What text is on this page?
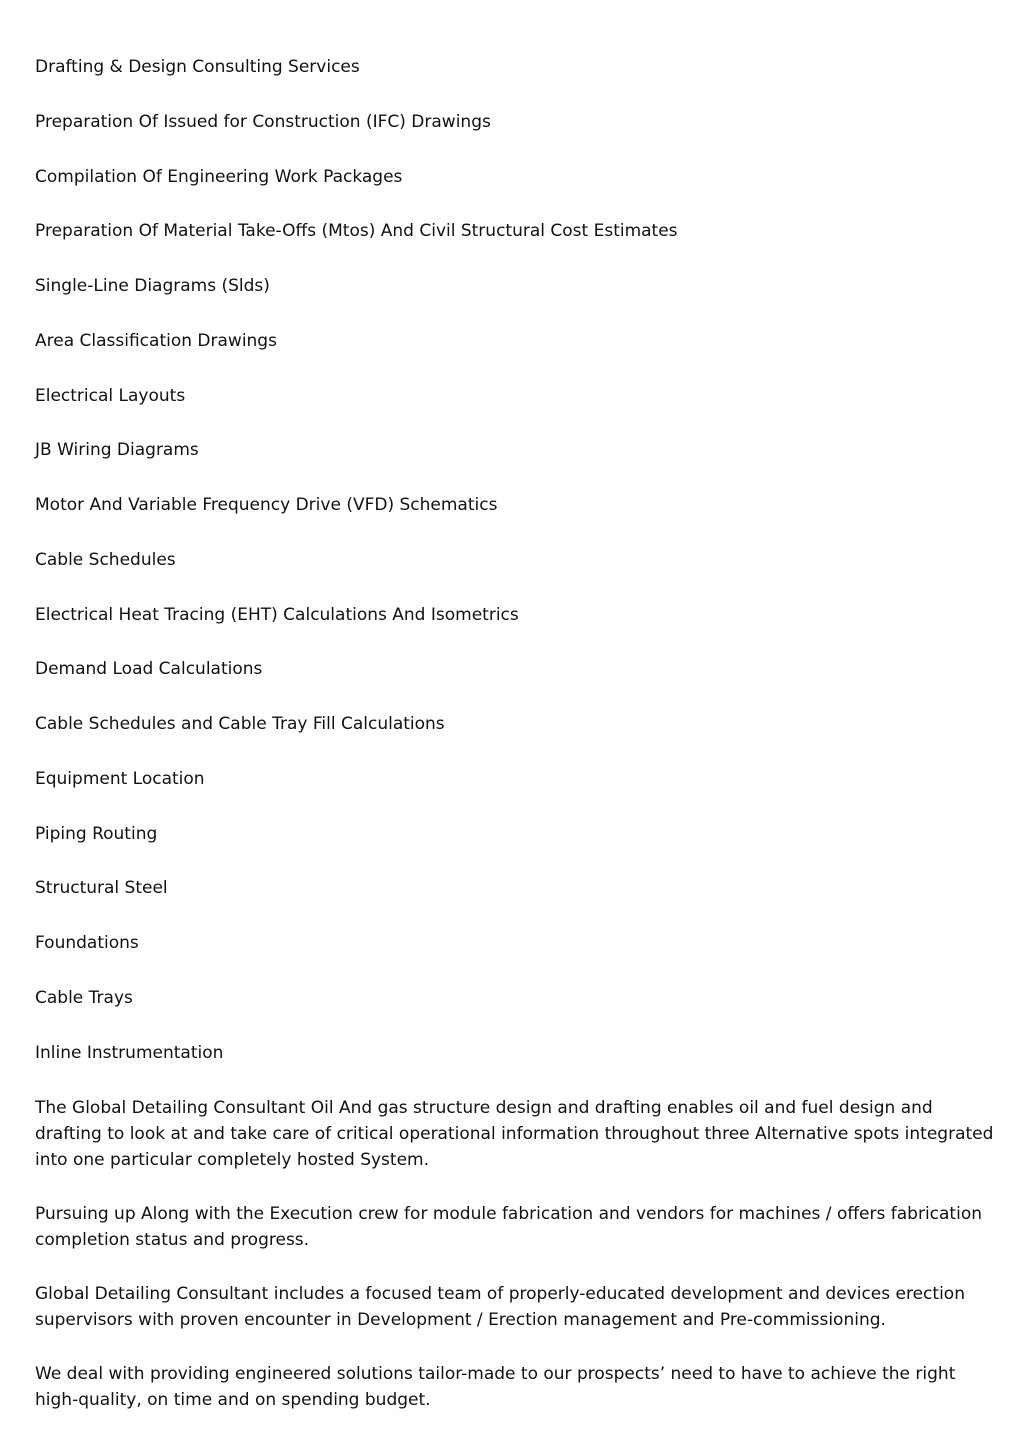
Drafting & Design Consulting Services
Preparation Of Issued for Construction (IFC) Drawings
Compilation Of Engineering Work Packages
Preparation Of Material Take-Offs (Mtos) And Civil Structural Cost Estimates
Single-Line Diagrams (Slds)
Area Classification Drawings
Electrical Layouts
JB Wiring Diagrams
Motor And Variable Frequency Drive (VFD) Schematics
Cable Schedules
Electrical Heat Tracing (EHT) Calculations And Isometrics
Demand Load Calculations
Cable Schedules and Cable Tray Fill Calculations
Equipment Location
Piping Routing
Structural Steel
Foundations
Cable Trays
Inline Instrumentation

The Global Detailing Consultant Oil And gas structure design and drafting enables oil and fuel design and drafting to look at and take care of critical operational information throughout three Alternative spots integrated into one particular completely hosted System.

Pursuing up Along with the Execution crew for module fabrication and vendors for machines / offers fabrication completion status and progress.

Global Detailing Consultant includes a focused team of properly-educated development and devices erection supervisors with proven encounter in Development / Erection management and Pre-commissioning.

We deal with providing engineered solutions tailor-made to our prospects’ need to have to achieve the right high-quality, on time and on spending budget.
